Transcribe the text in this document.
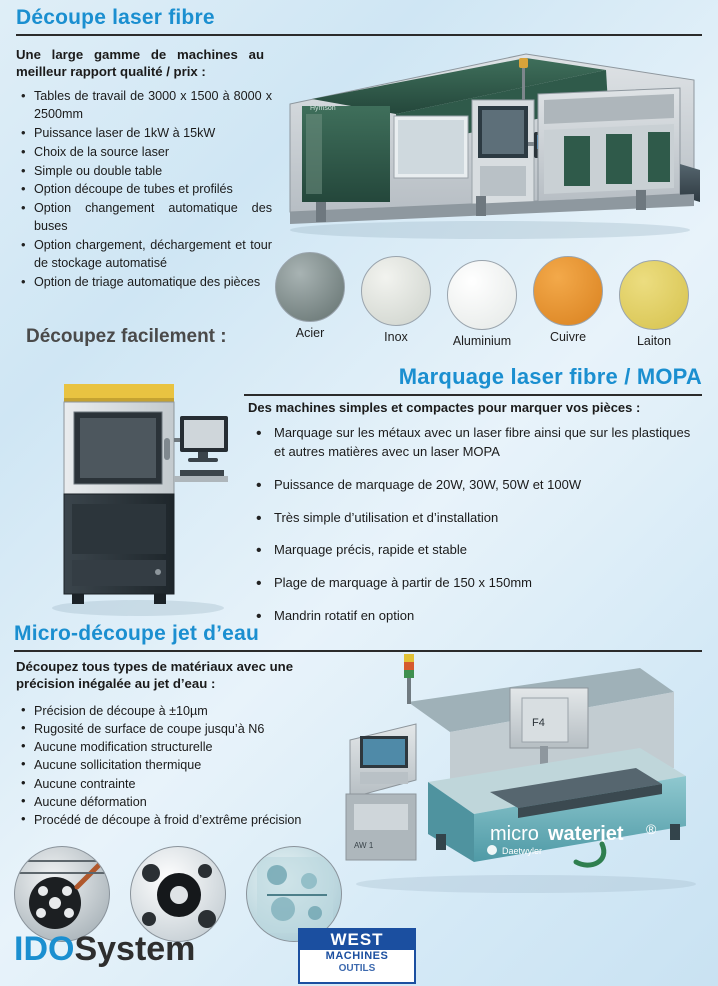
Découpe laser fibre
Une large gamme de machines au meilleur rapport qualité / prix :
• Tables de travail de 3000 x 1500 à 8000 x 2500mm
• Puissance laser de 1kW à 15kW
• Choix de la source laser
• Simple ou double table
• Option découpe de tubes et profilés
• Option changement automatique des buses
• Option chargement, déchargement et tour de stockage automatisé
• Option de triage automatique des pièces
Hymson
Acier	Inox	Aluminium	Cuivre	Laiton
Découpez facilement :
Marquage laser fibre / MOPA
Des machines simples et compactes pour marquer vos pièces :
• Marquage sur les métaux avec un laser fibre ainsi que sur les plastiques et autres matières avec un laser MOPA
• Puissance de marquage de 20W, 30W, 50W et 100W
• Très simple d’utilisation et d’installation
• Marquage précis, rapide et stable
• Plage de marquage à partir de 150 x 150mm
• Mandrin rotatif en option
Micro-découpe jet d’eau
Découpez tous types de matériaux avec une précision inégalée au jet d’eau :
• Précision de découpe à ±10µm
• Rugosité de surface de coupe jusqu’à N6
• Aucune modification structurelle
• Aucune sollicitation thermique
• Aucune contrainte
• Aucune déformation
• Procédé de découpe à froid d’extrême précision
F4
AW 1
micro waterjet ®
Daetwyler
IDOSystem	WEST
MACHINES
OUTILS
